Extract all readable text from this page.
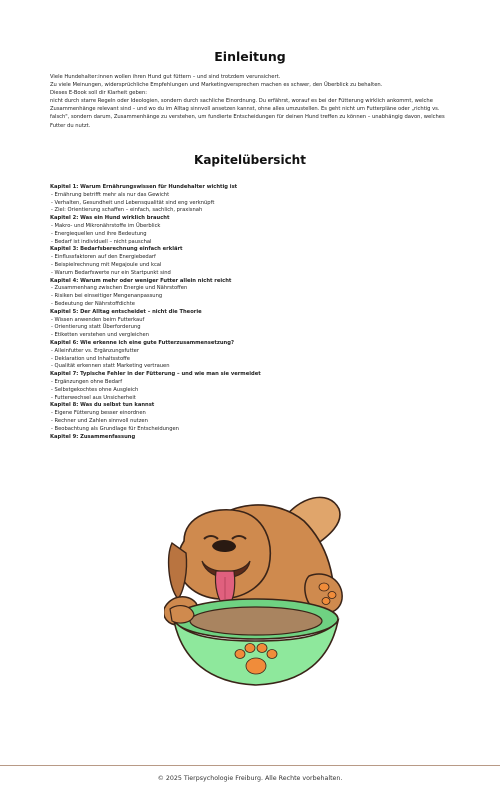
Einleitung

Viele Hundehalter:innen wollen ihren Hund gut füttern – und sind trotzdem verunsichert.

Zu viele Meinungen, widersprüchliche Empfehlungen und Marketingversprechen machen es schwer, den Überblick zu behalten.

Dieses E-Book soll dir Klarheit geben:

nicht durch starre Regeln oder Ideologien, sondern durch sachliche Einordnung. Du erfährst, worauf es bei der Fütterung wirklich ankommt, welche Zusammenhänge relevant sind – und wo du im Alltag sinnvoll ansetzen kannst, ohne alles umzustellen. Es geht nicht um Futterpläne oder „richtig vs. falsch", sondern darum, Zusammenhänge zu verstehen, um fundierte Entscheidungen für deinen Hund treffen zu können – unabhängig davon, welches Futter du nutzt.

Kapitelübersicht
Kapitel 1: Warum Ernährungswissen für Hundehalter wichtig ist
- Ernährung betrifft mehr als nur das Gewicht
- Verhalten, Gesundheit und Lebensqualität sind eng verknüpft
- Ziel: Orientierung schaffen – einfach, sachlich, praxisnah
Kapitel 2: Was ein Hund wirklich braucht
- Makro- und Mikronährstoffe im Überblick
- Energiequellen und ihre Bedeutung
- Bedarf ist individuell – nicht pauschal
Kapitel 3: Bedarfsberechnung einfach erklärt
- Einflussfaktoren auf den Energiebedarf
- Beispielrechnung mit Megajoule und kcal
- Warum Bedarfswerte nur ein Startpunkt sind
Kapitel 4: Warum mehr oder weniger Futter allein nicht reicht
- Zusammenhang zwischen Energie und Nährstoffen
- Risiken bei einseitiger Mengenanpassung
- Bedeutung der Nährstoffdichte
Kapitel 5: Der Alltag entscheidet – nicht die Theorie
- Wissen anwenden beim Futterkauf
- Orientierung statt Überforderung
- Etiketten verstehen und vergleichen
Kapitel 6: Wie erkenne ich eine gute Futterzusammensetzung?
- Alleinfutter vs. Ergänzungsfutter
- Deklaration und Inhaltsstoffe
- Qualität erkennen statt Marketing vertrauen
Kapitel 7: Typische Fehler in der Fütterung – und wie man sie vermeidet
- Ergänzungen ohne Bedarf
- Selbstgekochtes ohne Ausgleich
- Futterwechsel aus Unsicherheit
Kapitel 8: Was du selbst tun kannst
- Eigene Fütterung besser einordnen
- Rechner und Zahlen sinnvoll nutzen
- Beobachtung als Grundlage für Entscheidungen
Kapitel 9: Zusammenfassung
© 2025 Tierpsychologie Freiburg. Alle Rechte vorbehalten.
